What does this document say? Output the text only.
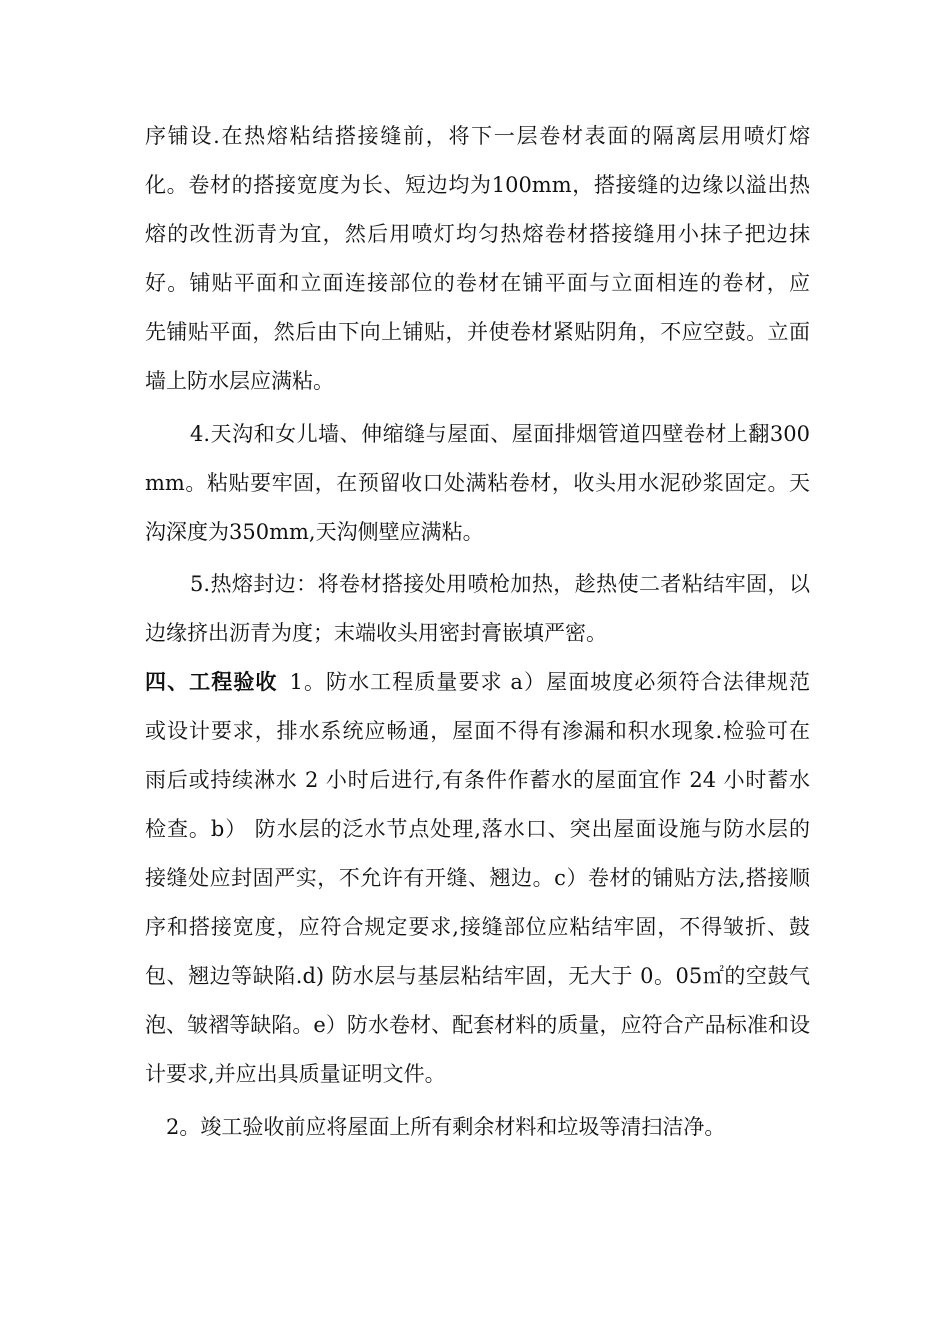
序铺设.在热熔粘结搭接缝前，将下一层卷材表面的隔离层用喷灯熔
化。卷材的搭接宽度为长、短边均为100mm，搭接缝的边缘以溢出热
熔的改性沥青为宜，然后用喷灯均匀热熔卷材搭接缝用小抹子把边抹
好。铺贴平面和立面连接部位的卷材在铺平面与立面相连的卷材，应
先铺贴平面，然后由下向上铺贴，并使卷材紧贴阴角，不应空鼓。立面
墙上防水层应满粘。
4.天沟和女儿墙、伸缩缝与屋面、屋面排烟管道四壁卷材上翻300
mm。粘贴要牢固，在预留收口处满粘卷材，收头用水泥砂浆固定。天
沟深度为350mm,天沟侧壁应满粘。
5.热熔封边：将卷材搭接处用喷枪加热，趁热使二者粘结牢固，以
边缘挤出沥青为度；末端收头用密封膏嵌填严密。
四、工程验收 1。防水工程质量要求 a）屋面坡度必须符合法律规范
或设计要求，排水系统应畅通，屋面不得有渗漏和积水现象.检验可在
雨后或持续淋水 2 小时后进行,有条件作蓄水的屋面宜作 24 小时蓄水
检查。b） 防水层的泛水节点处理,落水口、突出屋面设施与防水层的
接缝处应封固严实，不允许有开缝、翘边。c）卷材的铺贴方法,搭接顺
序和搭接宽度，应符合规定要求,接缝部位应粘结牢固，不得皱折、鼓
包、翘边等缺陷.d) 防水层与基层粘结牢固，无大于 0。05㎡的空鼓气
泡、皱褶等缺陷。e）防水卷材、配套材料的质量，应符合产品标准和设
计要求,并应出具质量证明文件。
2。竣工验收前应将屋面上所有剩余材料和垃圾等清扫洁净。
